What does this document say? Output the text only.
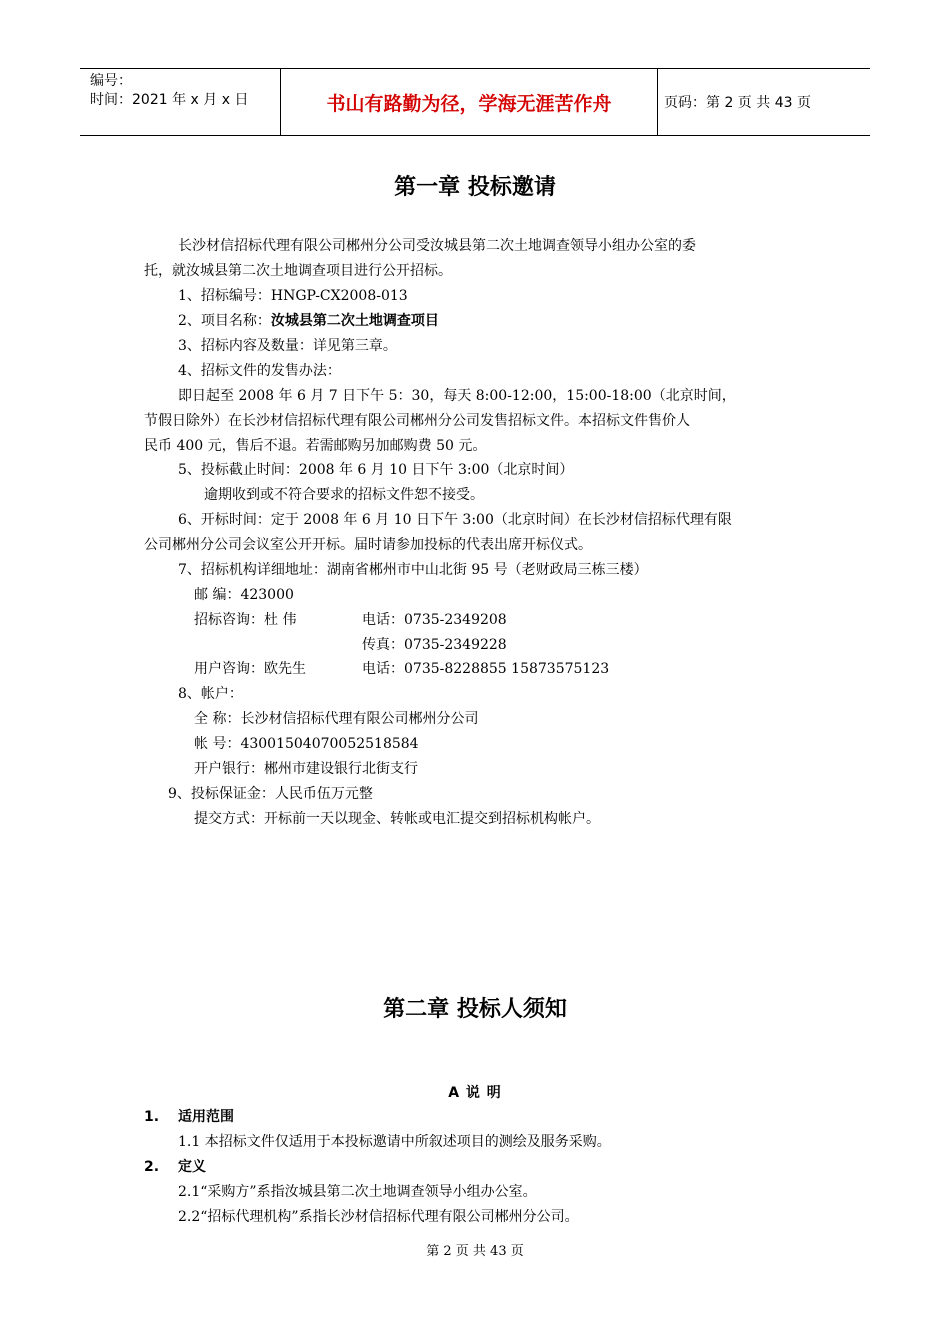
编号：
时间：2021 年 x 月 x 日	书山有路勤为径，学海无涯苦作舟	页码：第 2 页 共 43 页
第一章 投标邀请
长沙材信招标代理有限公司郴州分公司受汝城县第二次土地调查领导小组办公室的委
托，就汝城县第二次土地调查项目进行公开招标。
1、招标编号：HNGP-CX2008-013
2、项目名称：汝城县第二次土地调查项目
3、招标内容及数量：详见第三章。
4、招标文件的发售办法：
即日起至 2008 年 6 月 7 日下午 5：30，每天 8:00-12:00，15:00-18:00（北京时间，
节假日除外）在长沙材信招标代理有限公司郴州分公司发售招标文件。本招标文件售价人
民币 400 元，售后不退。若需邮购另加邮购费 50 元。
5、投标截止时间：2008 年 6 月 10 日下午 3:00（北京时间）
逾期收到或不符合要求的招标文件恕不接受。
6、开标时间：定于 2008 年 6 月 10 日下午 3:00（北京时间）在长沙材信招标代理有限
公司郴州分公司会议室公开开标。届时请参加投标的代表出席开标仪式。
7、招标机构详细地址：湖南省郴州市中山北街 95 号（老财政局三栋三楼）
邮 编：423000
招标咨询：杜 伟	电话：0735-2349208
传真：0735-2349228
用户咨询：欧先生	电话：0735-8228855 15873575123
8、帐户：
全 称：长沙材信招标代理有限公司郴州分公司
帐 号：43001504070052518584
开户银行：郴州市建设银行北街支行
9、投标保证金：人民币伍万元整
提交方式：开标前一天以现金、转帐或电汇提交到招标机构帐户。
第二章 投标人须知
A 说 明
1. 适用范围
1.1 本招标文件仅适用于本投标邀请中所叙述项目的测绘及服务采购。
2. 定义
2.1“采购方”系指汝城县第二次土地调查领导小组办公室。
2.2“招标代理机构”系指长沙材信招标代理有限公司郴州分公司。
第 2 页 共 43 页
